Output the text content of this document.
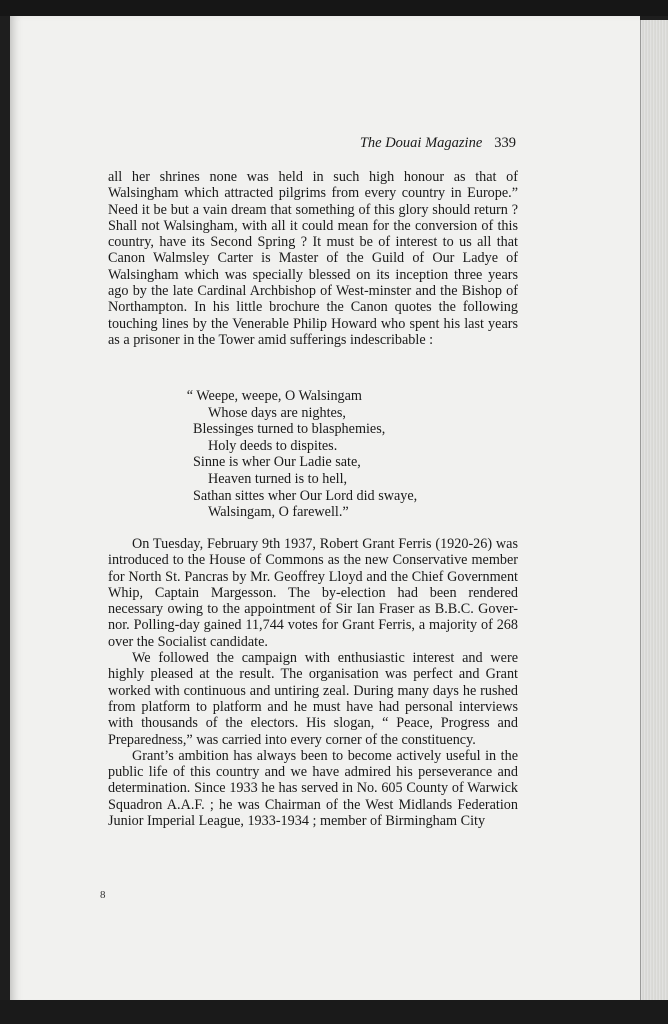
The Douai Magazine 339

all her shrines none was held in such high honour as that of Walsingham which attracted pilgrims from every country in Europe.” Need it be but a vain dream that something of this glory should return ? Shall not Walsingham, with all it could mean for the conversion of this country, have its Second Spring ? It must be of interest to us all that Canon Walmsley Carter is Master of the Guild of Our Ladye of Walsingham which was specially blessed on its inception three years ago by the late Cardinal Archbishop of West-minster and the Bishop of Northampton. In his little brochure the Canon quotes the following touching lines by the Venerable Philip Howard who spent his last years as a prisoner in the Tower amid sufferings indescribable :

“ Weepe, weepe, O Walsingam
Whose days are nightes,
Blessinges turned to blasphemies,
Holy deeds to dispites.
Sinne is wher Our Ladie sate,
Heaven turned is to hell,
Sathan sittes wher Our Lord did swaye,
Walsingam, O farewell.”

On Tuesday, February 9th 1937, Robert Grant Ferris (1920-26) was introduced to the House of Commons as the new Conservative member for North St. Pancras by Mr. Geoffrey Lloyd and the Chief Government Whip, Captain Margesson. The by-election had been rendered necessary owing to the appointment of Sir Ian Fraser as B.B.C. Gover-nor. Polling-day gained 11,744 votes for Grant Ferris, a majority of 268 over the Socialist candidate.

We followed the campaign with enthusiastic interest and were highly pleased at the result. The organisation was perfect and Grant worked with continuous and untiring zeal. During many days he rushed from platform to platform and he must have had personal interviews with thousands of the electors. His slogan, “ Peace, Progress and Preparedness,” was carried into every corner of the constituency.

Grant’s ambition has always been to become actively useful in the public life of this country and we have admired his perseverance and determination. Since 1933 he has served in No. 605 County of Warwick Squadron A.A.F. ; he was Chairman of the West Midlands Federation Junior Imperial League, 1933-1934 ; member of Birmingham City

8
